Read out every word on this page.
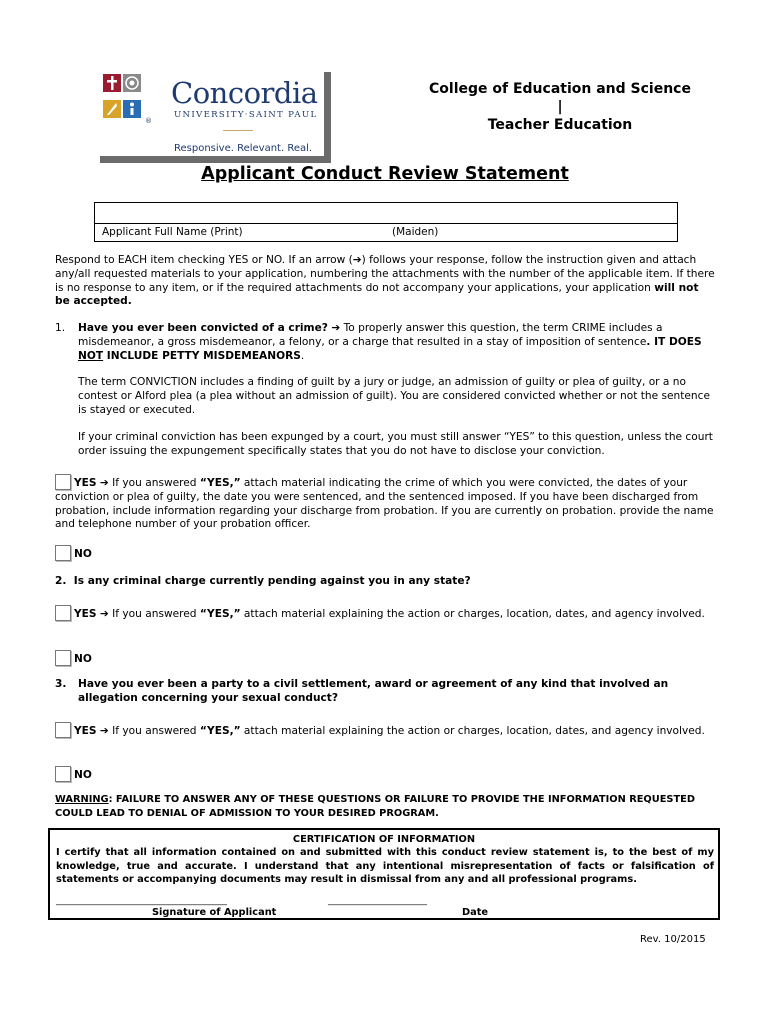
®
Concordia
UNIVERSITY·SAINT PAUL
Responsive. Relevant. Real.
College of Education and Science
|
Teacher Education
Applicant Conduct Review Statement
Applicant Full Name (Print)	(Maiden)

Respond to EACH item checking YES or NO. If an arrow (➔) follows your response, follow the instruction given and attach any/all requested materials to your application, numbering the attachments with the number of the applicable item. If there is no response to any item, or if the required attachments do not accompany your applications, your application will not be accepted.

1. Have you ever been convicted of a crime? ➔ To properly answer this question, the term CRIME includes a misdemeanor, a gross misdemeanor, a felony, or a charge that resulted in a stay of imposition of sentence. IT DOES NOT INCLUDE PETTY MISDEMEANORS.

The term CONVICTION includes a finding of guilt by a jury or judge, an admission of guilty or plea of guilty, or a no contest or Alford plea (a plea without an admission of guilt). You are considered convicted whether or not the sentence is stayed or executed.

If your criminal conviction has been expunged by a court, you must still answer “YES” to this question, unless the court order issuing the expungement specifically states that you do not have to disclose your conviction.

YES ➔ If you answered “YES,” attach material indicating the crime of which you were convicted, the dates of your conviction or plea of guilty, the date you were sentenced, and the sentenced imposed. If you have been discharged from probation, include information regarding your discharge from probation. If you are currently on probation. provide the name and telephone number of your probation officer.

NO

2. Is any criminal charge currently pending against you in any state?

YES ➔ If you answered “YES,” attach material explaining the action or charges, location, dates, and agency involved.

NO

3. Have you ever been a party to a civil settlement, award or agreement of any kind that involved an allegation concerning your sexual conduct?

YES ➔ If you answered “YES,” attach material explaining the action or charges, location, dates, and agency involved.

NO

WARNING: FAILURE TO ANSWER ANY OF THESE QUESTIONS OR FAILURE TO PROVIDE THE INFORMATION REQUESTED COULD LEAD TO DENIAL OF ADMISSION TO YOUR DESIRED PROGRAM.

CERTIFICATION OF INFORMATION

I certify that all information contained on and submitted with this conduct review statement is, to the best of my knowledge, true and accurate. I understand that any intentional misrepresentation of facts or falsification of statements or accompanying documents may result in dismissal from any and all professional programs.

______________________________________	______________________
Signature of Applicant	Date
Rev. 10/2015
